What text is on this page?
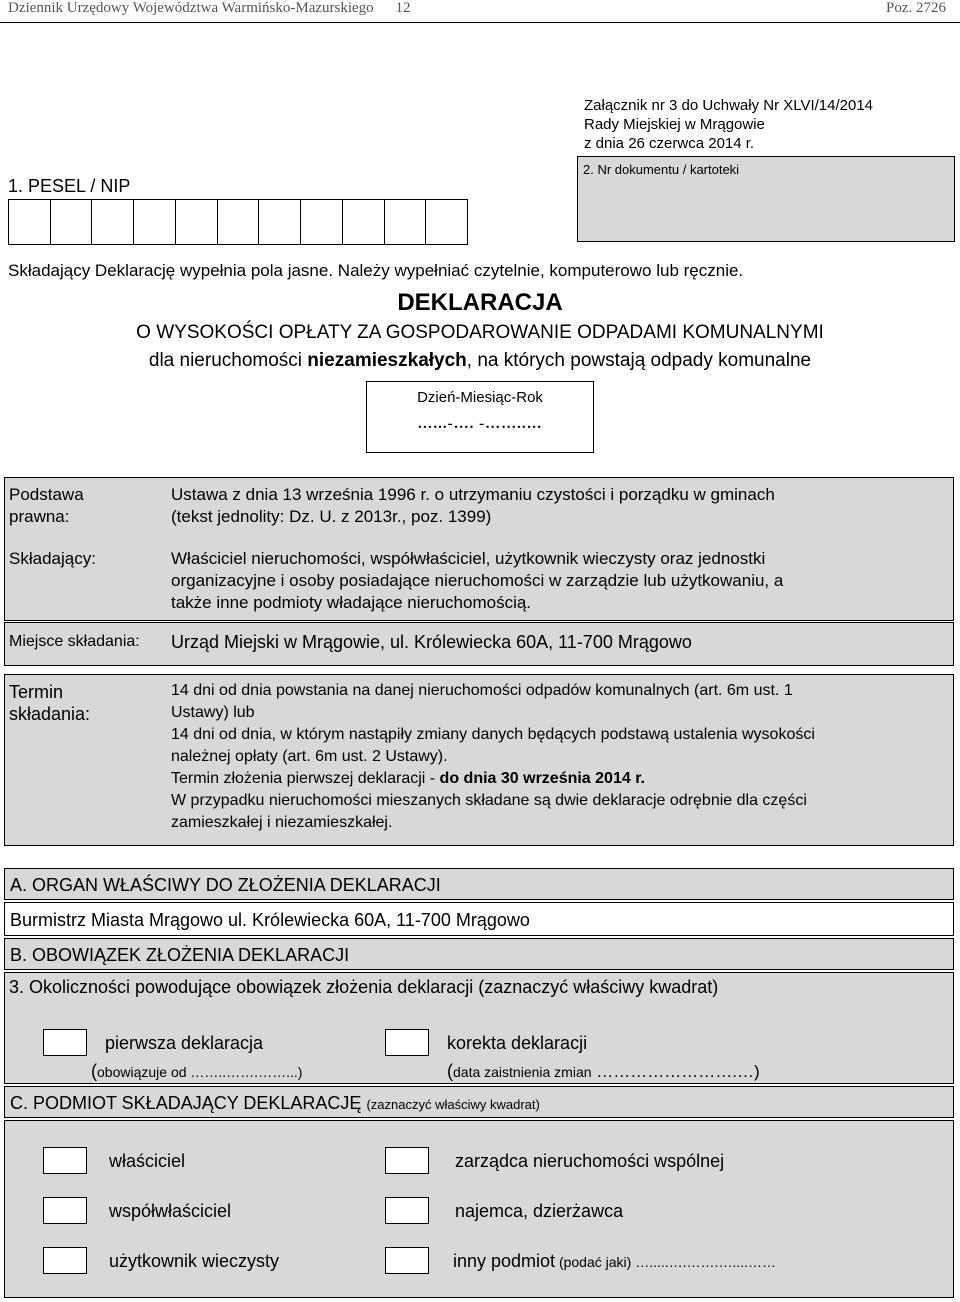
Dziennik Urzędowy Województwa Warmińsko-Mazurskiego 12	Poz. 2726
Załącznik nr 3 do Uchwały Nr XLVI/14/2014
Rady Miejskiej w Mrągowie
z dnia 26 czerwca 2014 r.
1. PESEL / NIP
2. Nr dokumentu / kartoteki
Składający Deklarację wypełnia pola jasne. Należy wypełniać czytelnie, komputerowo lub ręcznie.
DEKLARACJA
O WYSOKOŚCI OPŁATY ZA GOSPODAROWANIE ODPADAMI KOMUNALNYMI
dla nieruchomości niezamieszkałych, na których powstają odpady komunalne
Dzień-Miesiąc-Rok
…...-…. -……..…
Podstawa
prawna:
Ustawa z dnia 13 września 1996 r. o utrzymaniu czystości i porządku w gminach
(tekst jednolity: Dz. U. z 2013r., poz. 1399)
Składający:	Właściciel nieruchomości, współwłaściciel, użytkownik wieczysty oraz jednostki
organizacyjne i osoby posiadające nieruchomości w zarządzie lub użytkowaniu, a
także inne podmioty władające nieruchomością.
Miejsce składania: Urząd Miejski w Mrągowie, ul. Królewiecka 60A, 11-700 Mrągowo
Termin
składania:
14 dni od dnia powstania na danej nieruchomości odpadów komunalnych (art. 6m ust. 1
Ustawy) lub
14 dni od dnia, w którym nastąpiły zmiany danych będących podstawą ustalenia wysokości
należnej opłaty (art. 6m ust. 2 Ustawy).
Termin złożenia pierwszej deklaracji - do dnia 30 września 2014 r.
W przypadku nieruchomości mieszanych składane są dwie deklaracje odrębnie dla części
zamieszkałej i niezamieszkałej.
A. ORGAN WŁAŚCIWY DO ZŁOŻENIA DEKLARACJI
Burmistrz Miasta Mrągowo ul. Królewiecka 60A, 11-700 Mrągowo
B. OBOWIĄZEK ZŁOŻENIA DEKLARACJI
3. Okoliczności powodujące obowiązek złożenia deklaracji (zaznaczyć właściwy kwadrat)
pierwsza deklaracja
(obowiązuje od ……..…….……...)
korekta deklaracji
(data zaistnienia zmian …………………….…)
C. PODMIOT SKŁADAJĄCY DEKLARACJĘ (zaznaczyć właściwy kwadrat)
właściciel	zarządca nieruchomości wspólnej
współwłaściciel	najemca, dzierżawca
użytkownik wieczysty	inny podmiot (podać jaki) ….....….…….…....……
